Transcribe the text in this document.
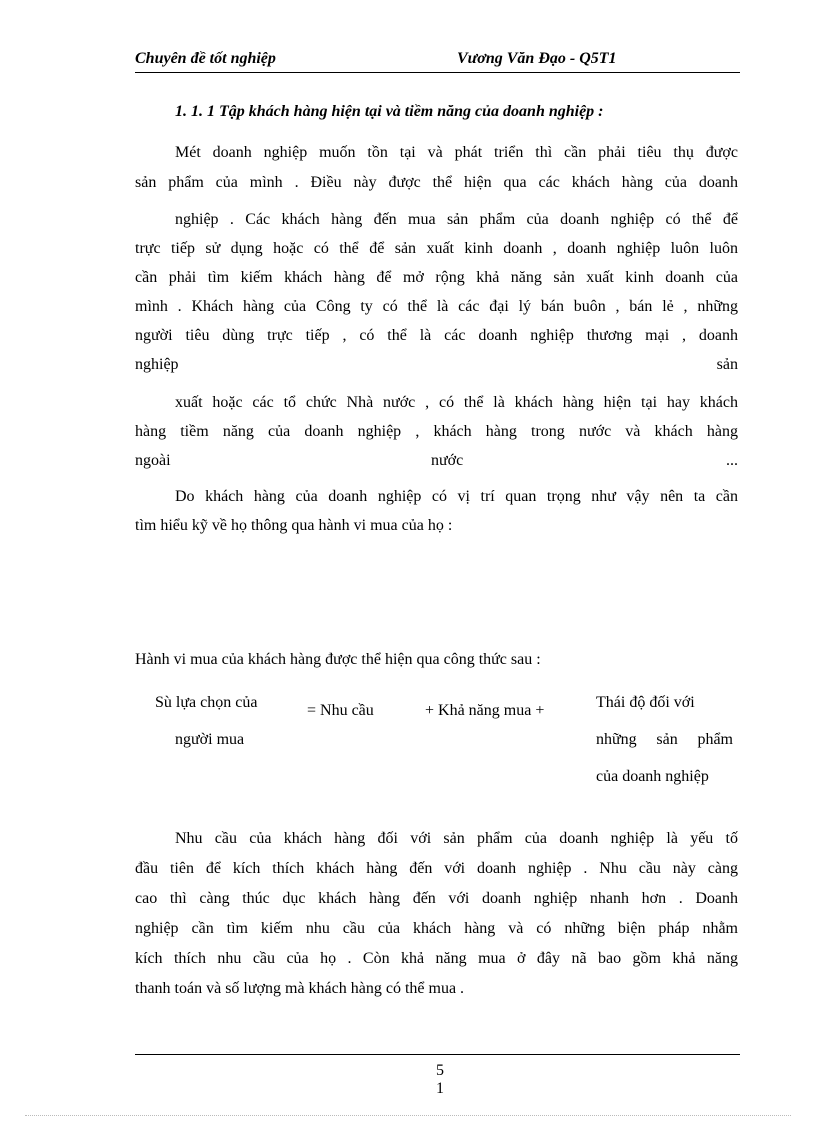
Chuyên đề tốt nghiệp	Vương Văn Đạo - Q5T1
1. 1. 1 Tập khách hàng hiện tại và tiềm năng của doanh nghiệp :
Mét doanh nghiệp muốn tồn tại và phát triển thì cần phải tiêu thụ được
sản phẩm của mình . Điều này được thể hiện qua các khách hàng của doanh
nghiệp . Các khách hàng đến mua sản phẩm của doanh nghiệp có thể để
trực tiếp sử dụng hoặc có thể để sản xuất kinh doanh , doanh nghiệp luôn luôn
cần phải tìm kiếm khách hàng để mở rộng khả năng sản xuất kinh doanh của
mình . Khách hàng của Công ty có thể là các đại lý bán buôn , bán lẻ , những
người tiêu dùng trực tiếp , có thể là các doanh nghiệp thương mại , doanh
nghiệp	sản
xuất hoặc các tổ chức Nhà nước , có thể là khách hàng hiện tại hay khách
hàng tiềm năng của doanh nghiệp , khách hàng trong nước và khách hàng
ngoài	nước	...
Do khách hàng của doanh nghiệp có vị trí quan trọng như vậy nên ta cần
tìm hiểu kỹ về họ thông qua hành vi mua của họ :
Hành vi mua của khách hàng được thể hiện qua công thức sau :
Sù lựa chọn của
người mua
= Nhu cầu	+ Khả năng mua +	Thái độ đối với
những sản phẩm
của doanh nghiệp
Nhu cầu của khách hàng đối với sản phẩm của doanh nghiệp là yếu tố
đầu tiên để kích thích khách hàng đến với doanh nghiệp . Nhu cầu này càng
cao thì càng thúc dục khách hàng đến với doanh nghiệp nhanh hơn . Doanh
nghiệp cần tìm kiếm nhu cầu của khách hàng và có những biện pháp nhằm
kích thích nhu cầu của họ . Còn khả năng mua ở đây nã bao gồm khả năng
thanh toán và số lượng mà khách hàng có thể mua .
5
1
